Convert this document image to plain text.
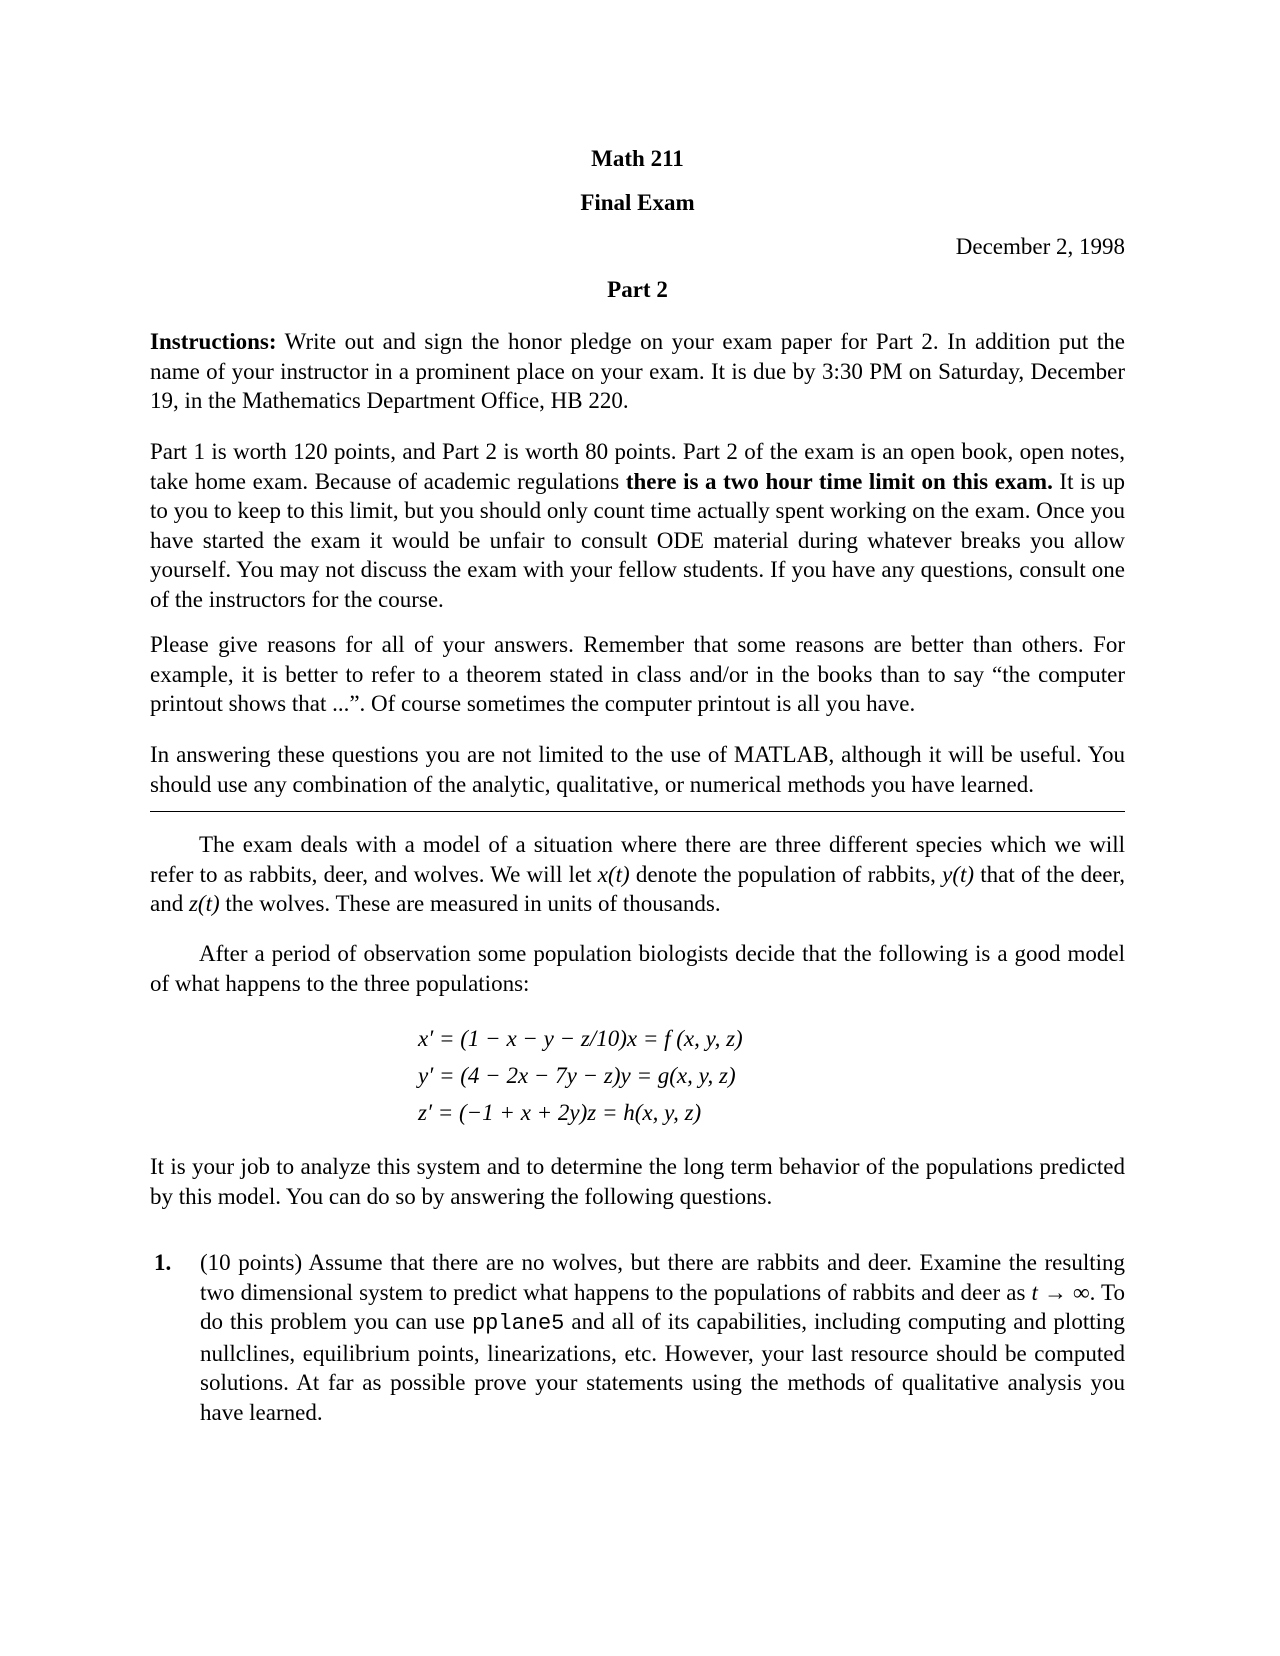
Math 211
Final Exam
December 2, 1998
Part 2

Instructions: Write out and sign the honor pledge on your exam paper for Part 2. In addition put the name of your instructor in a prominent place on your exam. It is due by 3:30 PM on Saturday, December 19, in the Mathematics Department Office, HB 220.

Part 1 is worth 120 points, and Part 2 is worth 80 points. Part 2 of the exam is an open book, open notes, take home exam. Because of academic regulations there is a two hour time limit on this exam. It is up to you to keep to this limit, but you should only count time actually spent working on the exam. Once you have started the exam it would be unfair to consult ODE material during whatever breaks you allow yourself. You may not discuss the exam with your fellow students. If you have any questions, consult one of the instructors for the course.

Please give reasons for all of your answers. Remember that some reasons are better than others. For example, it is better to refer to a theorem stated in class and/or in the books than to say “the computer printout shows that ...”. Of course sometimes the computer printout is all you have.

In answering these questions you are not limited to the use of MATLAB, although it will be useful. You should use any combination of the analytic, qualitative, or numerical methods you have learned.

The exam deals with a model of a situation where there are three different species which we will refer to as rabbits, deer, and wolves. We will let x(t) denote the population of rabbits, y(t) that of the deer, and z(t) the wolves. These are measured in units of thousands.

After a period of observation some population biologists decide that the following is a good model of what happens to the three populations:

x′ = (1 − x − y − z/10)x = f (x, y, z)
y′ = (4 − 2x − 7y − z)y = g(x, y, z)
z′ = (−1 + x + 2y)z = h(x, y, z)

It is your job to analyze this system and to determine the long term behavior of the populations predicted by this model. You can do so by answering the following questions.

1. (10 points) Assume that there are no wolves, but there are rabbits and deer. Examine the resulting two dimensional system to predict what happens to the populations of rabbits and deer as t → ∞. To do this problem you can use pplane5 and all of its capabilities, including computing and plotting nullclines, equilibrium points, linearizations, etc. However, your last resource should be computed solutions. At far as possible prove your statements using the methods of qualitative analysis you have learned.
